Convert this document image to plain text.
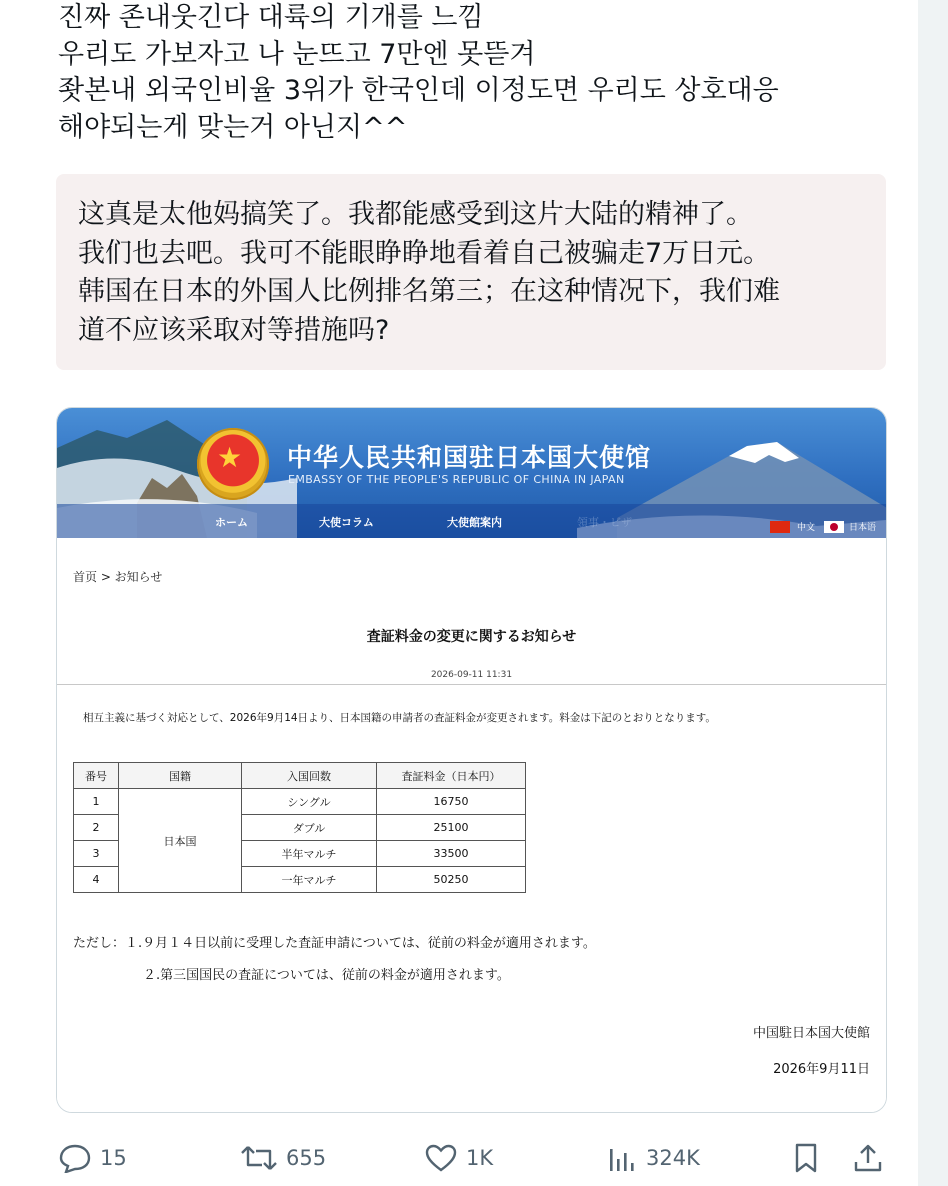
진짜 존내웃긴다 대륙의 기개를 느낌
우리도 가보자고 나 눈뜨고 7만엔 못뜯겨
좟본내 외국인비율 3위가 한국인데 이정도면 우리도 상호대응
해야되는게 맞는거 아닌지^^
这真是太他妈搞笑了。我都能感受到这片大陆的精神了。
我们也去吧。我可不能眼睁睁地看着自己被骗走7万日元。
韩国在日本的外国人比例排名第三；在这种情况下，我们难
道不应该采取对等措施吗?
★ 中华人民共和国驻日本国大使馆
EMBASSY OF THE PEOPLE'S REPUBLIC OF CHINA IN JAPAN
ホーム	大使コラム	大使館案内	領事・ビザ	中文	日本语
首页 > お知らせ
査証料金の変更に関するお知らせ
2026-09-11 11:31
相互主義に基づく対応として、2026年9月14日より、日本国籍の申請者の査証料金が変更されます。料金は下記のとおりとなります。
番号	国籍	入国回数	査証料金（日本円）
1	日本国	シングル	16750
2		ダブル	25100
3		半年マルチ	33500
4		一年マルチ	50250
ただし：１.９月１４日以前に受理した査証申請については、従前の料金が適用されます。
２.第三国国民の査証については、従前の料金が適用されます。
中国駐日本国大使館
2026年9月11日
15	655	1K	324K
